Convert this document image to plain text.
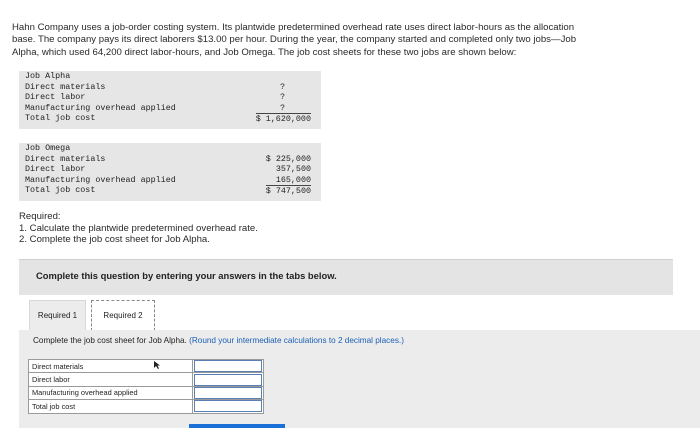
Hahn Company uses a job-order costing system. Its plantwide predetermined overhead rate uses direct labor-hours as the allocation
base. The company pays its direct laborers $13.00 per hour. During the year, the company started and completed only two jobs—Job
Alpha, which used 64,200 direct labor-hours, and Job Omega. The job cost sheets for these two jobs are shown below:
Job Alpha
Direct materials	?
Direct labor	?
Manufacturing overhead applied	?
Total job cost	$ 1,620,000
Job Omega
Direct materials	$ 225,000
Direct labor	357,500
Manufacturing overhead applied	165,000
Total job cost	$ 747,500
Required:
1. Calculate the plantwide predetermined overhead rate.
2. Complete the job cost sheet for Job Alpha.
Complete this question by entering your answers in the tabs below.
Required 1	Required 2
Complete the job cost sheet for Job Alpha. (Round your intermediate calculations to 2 decimal places.)
Direct materials	
Direct labor	
Manufacturing overhead applied	
Total job cost	
